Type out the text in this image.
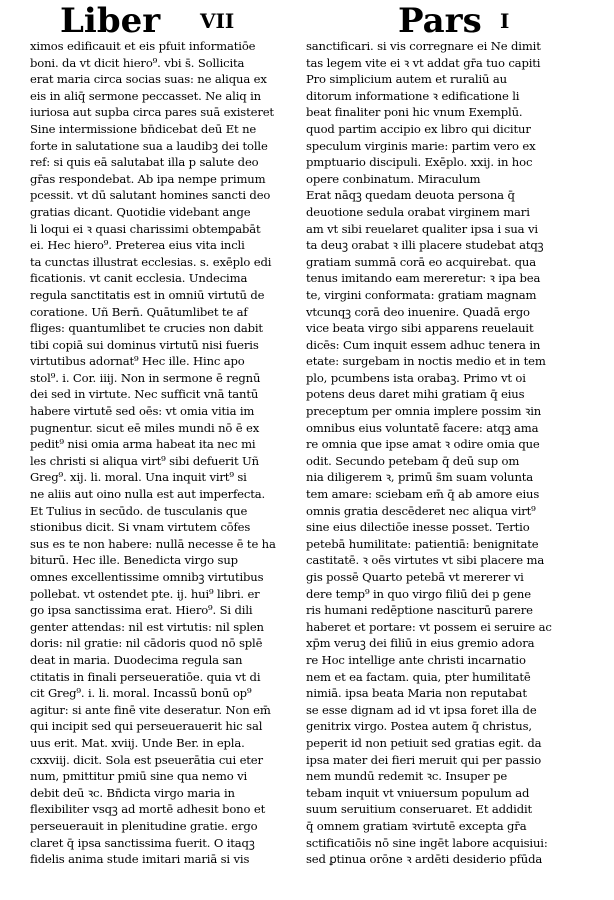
Liber VII	Pars I
ximos edificauit et eis pfuit informatiōe
boni. da vt dicit hiero⁹. vbi s̄. Sollicita
erat maria circa socias suas: ne aliqua ex
eis in aliq̄ sermone peccasset. Ne aliq in
iuriosa aut supba circa pares suā existeret
Sine intermissione bn̄dicebat deū Et ne
forte in salutatione sua a laudibꝫ dei tolle
ref: si quis eā salutabat illa p salute deo
gr̄as respondebat. Ab ipa nempe primum
pcessit. vt dū salutant homines sancti deo
gratias dicant. Quotidie videbant ange
li loqui ei ꝛ quasi charissimi obtemꝑabāt
ei. Hec hiero⁹. Preterea eius vita incli
ta cunctas illustrat ecclesias. s. exēplo edi
ficationis. vt canit ecclesia. Undecima
regula sanctitatis est in omniū virtutū de
coratione. Uñ Bern̄. Quātumlibet te af
fliges: quantumlibet te crucies non dabit
tibi copiā sui dominus virtutū nisi fueris
virtutibus adornat⁹ Hec ille. Hinc apo
stol⁹. i. Cor. iiij. Non in sermone ē regnū
dei sed in virtute. Nec sufficit vnā tantū
habere virtutē sed oēs: vt omia vitia im
pugnentur. sicut eē miles mundi nō ē ex
pedit⁹ nisi omia arma habeat ita nec mi
les christi si aliqua virt⁹ sibi defuerit Uñ
Greg⁹. xij. li. moral. Una inquit virt⁹ si
ne aliis aut oino nulla est aut imperfecta.
Et Tulius in secūdo. de tusculanis que
stionibus dicit. Si vnam virtutem cōfes
sus es te non habere: nullā necesse ē te ha
biturū. Hec ille. Benedicta virgo sup
omnes excellentissime omnibꝫ virtutibus
pollebat. vt ostendet pte. ij. hui⁹ libri. er
go ipsa sanctissima erat. Hiero⁹. Si dili
genter attendas: nil est virtutis: nil splen
doris: nil gratie: nil cādoris quod nō splē
deat in maria. Duodecima regula san
ctitatis in finali perseueratiōe. quia vt di
cit Greg⁹. i. li. moral. Incassū bonū op⁹
agitur: si ante finē vite deseratur. Non em̄
qui incipit sed qui perseuerauerit hic sal
uus erit. Mat. xviij. Unde Ber. in epla.
cxxviij. dicit. Sola est pseuerātia cui eter
num, pmittitur pmiū sine qua nemo vi
debit deū ꝛc. Bn̄dicta virgo maria in
flexibiliter vsqꝫ ad mortē adhesit bono et
perseuerauit in plenitudine gratie. ergo
claret q̄ ipsa sanctissima fuerit. O itaqꝫ
fidelis anima stude imitari mariā si vis
sanctificari. si vis corregnare ei Ne dimit
tas legem vite ei ꝛ vt addat gr̄a tuo capiti
Pro simplicium autem et ruraliū au
ditorum informatione ꝛ edificatione li
beat finaliter poni hic vnum Exemplū.
quod partim accipio ex libro qui dicitur
speculum virginis marie: partim vero ex
pmptuario discipuli. Exēplo. xxij. in hoc
opere conbinatum. Miraculum
Erat nāqꝫ quedam deuota persona q̄
deuotione sedula orabat virginem mari
am vt sibi reuelaret qualiter ipsa i sua vi
ta deuꝫ orabat ꝛ illi placere studebat atqꝫ
gratiam summā corā eo acquirebat. qua
tenus imitando eam mereretur: ꝛ ipa bea
te, virgini conformata: gratiam magnam
vtcunqꝫ corā deo inuenire. Quadā ergo
vice beata virgo sibi apparens reuelauit
dicēs: Cum inquit essem adhuc tenera in
etate: surgebam in noctis medio et in tem
plo, pcumbens ista orabaꝫ. Primo vt oi
potens deus daret mihi gratiam q̄ eius
preceptum per omnia implere possim ꝛin
omnibus eius voluntatē facere: atqꝫ ama
re omnia que ipse amat ꝛ odire omia que
odit. Secundo petebam q̄ deū sup om
nia diligerem ꝛ, primū s̄m suam volunta
tem amare: sciebam em̄ q̄ ab amore eius
omnis gratia descēderet nec aliqua virt⁹
sine eius dilectiōe inesse posset. Tertio
petebā humilitate: patientiā: benignitate
castitatē. ꝛ oēs virtutes vt sibi placere ma
gis possē Quarto petebā vt mererer vi
dere temp⁹ in quo virgo filiū dei p gene
ris humani redēptione nasciturū parere
haberet et portare: vt possem ei seruire ac
xp̄m veruꝫ dei filiū in eius gremio adora
re Hoc intellige ante christi incarnatio
nem et ea factam. quia, pter humilitatē
nimiā. ipsa beata Maria non reputabat
se esse dignam ad id vt ipsa foret illa de
genitrix virgo. Postea autem q̄ christus,
peperit id non petiuit sed gratias egit. da
ipsa mater dei fieri meruit qui per passio
nem mundū redemit ꝛc. Insuper pe
tebam inquit vt vniuersum populum ad
suum seruitium conseruaret. Et addidit
q̄ omnem gratiam ꝛvirtutē excepta gr̄a
sctificatiōis nō sine ingēt labore acquisiui:
sed ꝑtinua orōne ꝛ ardēti desiderio pfūda
